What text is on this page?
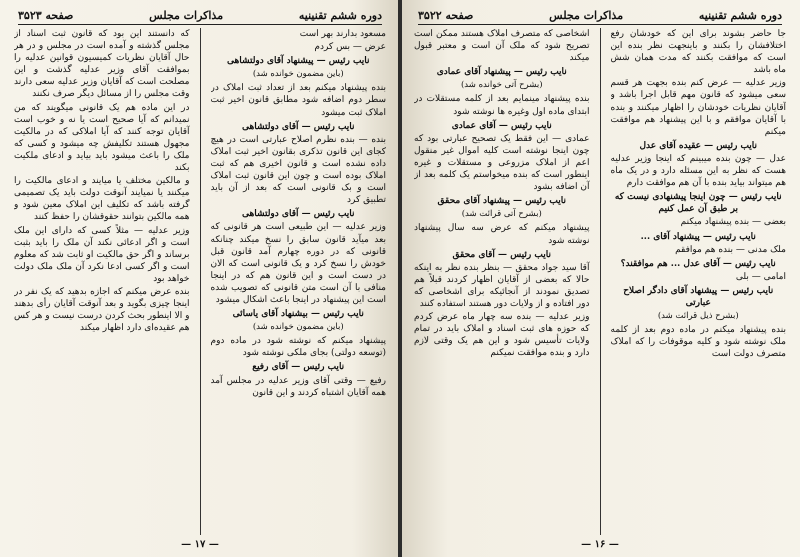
دوره ششم تقنینیه
مذاکرات مجلس
صفحه ۳۵۲۳

مسعود بدارند بهر است

عرض — بس کردم

نایب رئیس — پیشنهاد آقای دولتشاهی

(باین مضمون خوانده شد)

بنده پیشنهاد میکنم بعد از تعداد ثبت املاک در سطر دوم اضافه شود مطابق قانون اخیر ثبت املاک ثبت میشود

نایب رئیس — آقای دولتشاهی

بنده — بنده نظرم اصلاح عبارتی است در هیچ کجای این قانون تذکری بقانون اخیر ثبت املاک داده نشده است و قانون اخیری هم که ثبت املاک بوده است و چون این قانون ثبت املاک است و بک قانونی است که بعد از آن باید تطبیق کرد

نایب رئیس — آقای دولتشاهی

وزیر عدلیه — این طبیعی است هر قانونی که بعد میآید قانون سابق را نسخ میکند چنانکه قانونی که در دوره چهارم آمد قانون قبل خودش را نسخ کرد و یک قانونی است که الان در دست است و این قانون هم که در اینجا منافی با آن است متن قانونی که تصویب شده است این پیشنهاد در اینجا باعث اشکال میشود

نایب رئیس — بیشنهاد آقای یاسائی

(باین مضمون خوانده شد)

پیشنهاد میکنم که نوشته شود در ماده دوم (توسعه دولتی) بجای ملکی نوشته شود

نایب رئیس — آقای رفیع

رفیع — وقتی آقای وزیر عدلیه در مجلس آمد همه آقایان اشتباه کردند و این قانون

که دانستند این بود که قانون ثبت اسناد از مجلس گذشته و آمده است در مجلس و در هر حال آقایان نظریات کمیسیون قوانین عدلیه را بموافقت آقای وزیر عدلیه گذشت و این مصلحت است که آقایان وزیر عدلیه سعی دارند وقت مجلس را از مسائل دیگر صرف نکنند

در این ماده هم یک قانونی میگویند که من نمیدانم که آیا صحیح است یا نه و خوب است آقایان توجه کنند که آیا املاکی که در مالکیت مجهول هستند تکلیفش چه میشود و کسی که ملک را باعث میشود باید بیاید و ادعای ملکیت بکند

و مالکین مختلف یا میایند و ادعای مالکیت را میکنند یا نمیایند آنوقت دولت باید یک تصمیمی گرفته باشد که تکلیف این املاک معین شود و همه مالکین بتوانند حقوقشان را حفظ کنند

وزیر عدلیه — مثلاً کسی که دارای این ملک است و اگر ادعائی نکند آن ملک را باید بثبت برساند و اگر حق مالکیت او ثابت شد که معلوم است و اگر کسی ادعا نکرد آن ملک ملک دولت خواهد بود

بنده عرض میکنم که اجازه بدهید که یک نفر در اینجا چیزی بگوید و بعد آنوقت آقایان رأی بدهند و الا اینطور بحث کردن درست نیست و هر کس هم عقیده‌ای دارد اظهار میکند

— ۱۷ —
دوره ششم تقنینیه
مذاکرات مجلس
صفحه ۳۵۲۲

جا حاضر بشوند برای این که خودشان رفع اختلافشان را بکنند و باینجهت نظر بنده این است که موافقت بکنند که مدت همان شش ماه باشد

وزیر عدلیه — عرض کنم بنده بجهت هر قسم سعی میشود که قانون مهم قابل اجرا باشد و آقایان نظریات خودشان را اظهار میکنند و بنده با آقایان موافقم و با این پیشنهاد هم موافقت میکنم

نایب رئیس — عقیده آقای عدل

عدل — چون بنده میبینم که اینجا وزیر عدلیه هست که نظر به این مسئله دارد و در یک ماه هم میتواند بیاید بنده با آن هم موافقت دارم

نایب رئیس — چون اینجا پیشنهادی نیست که بر طبق آن عمل کنیم

بعضی — بنده پیشنهاد میکنم

نایب رئیس — پیشنهاد آقای ...

ملک مدنی — بنده هم موافقم

نایب رئیس — آقای عدل ... هم موافقند؟

امامی — بلی

نایب رئیس — پیشنهاد آقای دادگر اصلاح عبارتی

(بشرح ذیل قرائت شد)

بنده پیشنهاد میکنم در ماده دوم بعد از کلمه ملک نوشته شود و کلیه موقوفات را که املاک متصرف دولت است

اشخاصی که متصرف املاک هستند ممکن است تصریح شود که ملک آن است و معتبر قبول میکند

نایب رئیس — پیشنهاد آقای عمادی

(بشرح آتی خوانده شد)

بنده پیشنهاد مینمایم بعد از کلمه مستقلات در ابتدای ماده اول وغیره ها نوشته شود

نایب رئیس — آقای عمادی

عمادی — این فقط یک تصحیح عبارتی بود که چون اینجا نوشته است کلیه اموال غیر منقول اعم از املاک مزروعی و مستقلات و غیره اینطور است که بنده میخواستم یک کلمه بعد از آن اضافه بشود

نایب رئیس — پیشنهاد آقای محقق

(بشرح آتی قرائت شد)

پیشنهاد میکنم که عرض سه سال پیشنهاد نوشته شود

نایب رئیس — آقای محقق

آقا سید جواد محقق — بنظر بنده نظر به اینکه حالا که بعضی از آقایان اظهار کردند قبلاً هم تصدیق نمودند از آنجائیکه برای اشخاصی که دور افتاده و از ولایات دور هستند استفاده کنند

وزیر عدلیه — بنده سه چهار ماه عرض کردم که حوزه های ثبت اسناد و املاک باید در تمام ولایات تأسیس شود و این هم یک وقتی لازم دارد و بنده موافقت نمیکنم

— ۱۶ —
